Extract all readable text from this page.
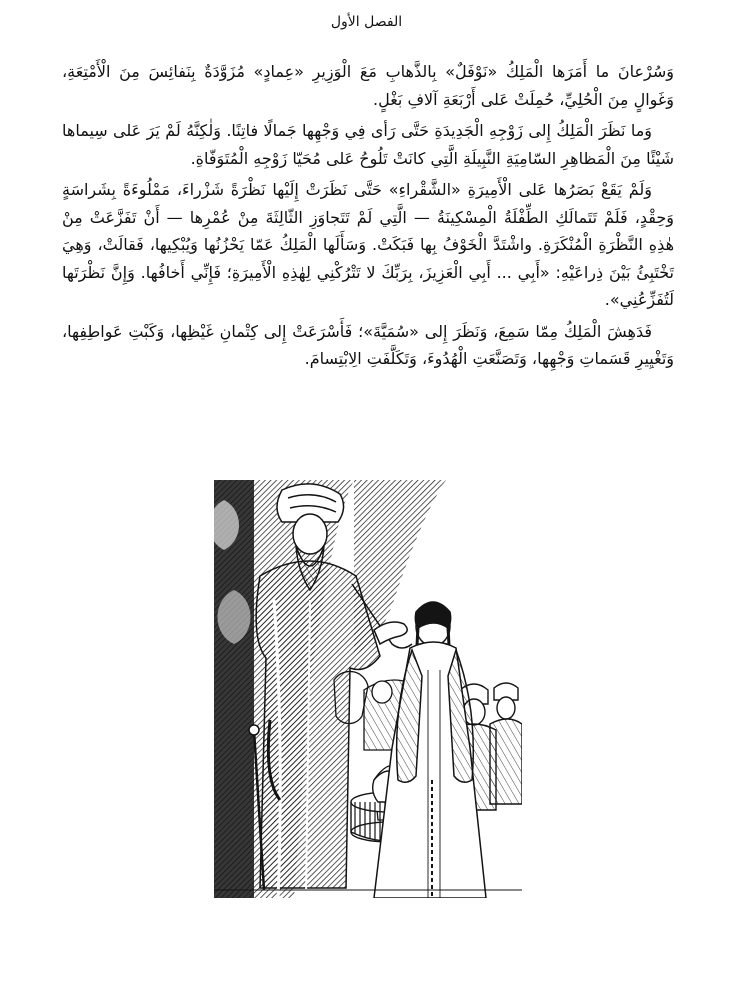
الفصل الأول

وَسُرْعانَ ما أَمَرَها الْمَلِكُ «نَوْفَلٌ» بِالذَّهابِ مَعَ الْوَزِيرِ «عِمادٍ» مُزَوَّدَةٌ بِنَفائِسَ مِنَ الْأَمْتِعَةِ، وَغَوالٍ مِنَ الْحُلِيِّ، حُمِلَتْ عَلى أَرْبَعَةِ آلافِ بَغْلٍ.

وَما نَظَرَ الْمَلِكُ إِلى زَوْجِهِ الْجَدِيدَةِ حَتَّى رَأى فِي وَجْهِها جَمالًا فاتِنًا. وَلٰكِنَّهُ لَمْ يَرَ عَلى سِيماها شَيْئًا مِنَ الْمَظاهِرِ السّامِيَةِ النَّبِيلَةِ الَّتِي كانَتْ تَلُوحُ عَلى مُحَيّا زَوْجِهِ الْمُتَوَفّاةِ.

وَلَمْ يَقَعْ بَصَرُها عَلى الْأَمِيرَةِ «الشَّقْراءِ» حَتَّى نَظَرَتْ إِلَيْها نَظْرَةً شَزْراءَ، مَمْلُوءَةً بِشَراسَةٍ وَحِقْدٍ، فَلَمْ تَتَمالَكِ الطِّفْلَةُ الْمِسْكِينَةُ — الَّتِي لَمْ تَتَجاوَزِ الثّالِثَةَ مِنْ عُمْرِها — أَنْ تَفَزَّعَتْ مِنْ هٰذِهِ النَّظْرَةِ الْمُنْكَرَةِ. واشْتَدَّ الْخَوْفُ بِها فَبَكَتْ. وَسَأَلَها الْمَلِكُ عَمّا يَحْزُنُها وَيُبْكِيها، فَقالَتْ، وَهِيَ تَخْتَبِئُ بَيْنَ ذِراعَيْهِ: «أَبِي ... أَبِي الْعَزِيزَ، بِرَبِّكَ لا تَتْرُكْنِي لِهٰذِهِ الْأَمِيرَةِ؛ فَإِنِّي أَخافُها. وَإِنَّ نَظْرَتَها لَتُفَزِّعُنِي».

فَدَهِشَ الْمَلِكُ مِمّا سَمِعَ، وَنَظَرَ إِلى «سُمَيَّةَ»؛ فَأَسْرَعَتْ إِلى كِتْمانِ غَيْظِها، وَكَبْتِ عَواطِفِها، وَتَغْيِيرِ قَسَماتِ وَجْهِها، وَتَصَنَّعَتِ الْهُدُوءَ، وَتَكَلَّفَتِ الِابْتِسامَ.
